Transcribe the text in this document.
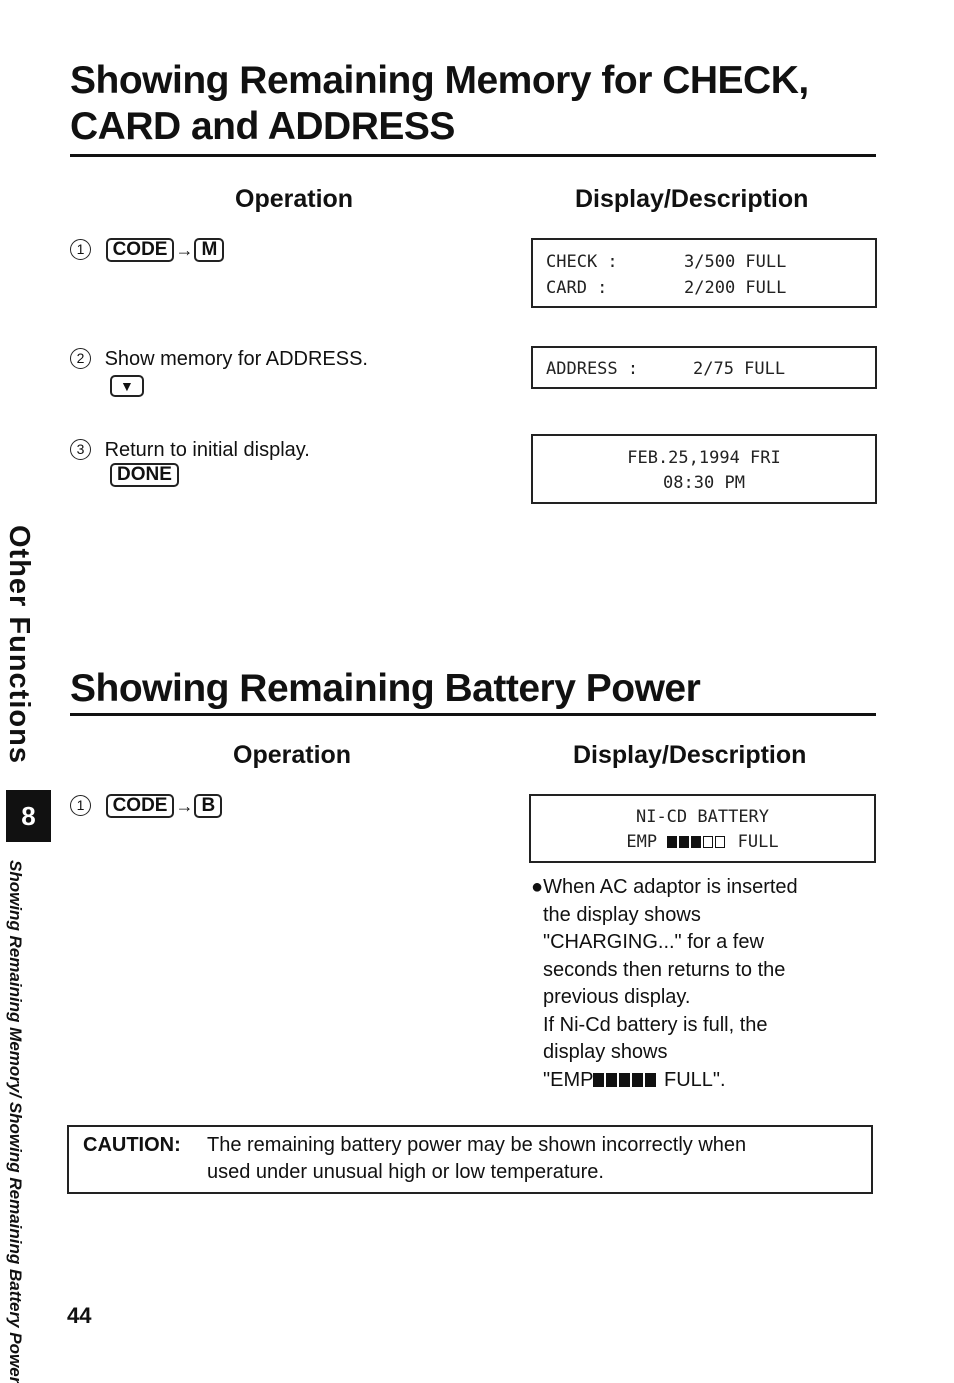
Showing Remaining Memory for CHECK,
CARD and ADDRESS
Operation	Display/Description
1 CODE → M
CHECK :	3/500 FULL
CARD :	2/200 FULL
2 Show memory for ADDRESS.
▼
ADDRESS :	2/75 FULL
3 Return to initial display.
DONE
FEB.25,1994 FRI
08:30 PM
Showing Remaining Battery Power
Operation	Display/Description
1 CODE → B
NI-CD BATTERY
EMP	FULL
●When AC adaptor is inserted
the display shows
"CHARGING..." for a few
seconds then returns to the
previous display.
If Ni-Cd battery is full, the
display shows
"EMP	FULL".
CAUTION: The remaining battery power may be shown incorrectly when
used under unusual high or low temperature.
Other Functions
8
Showing Remaining Memory/ Showing Remaining Battery Power 44
